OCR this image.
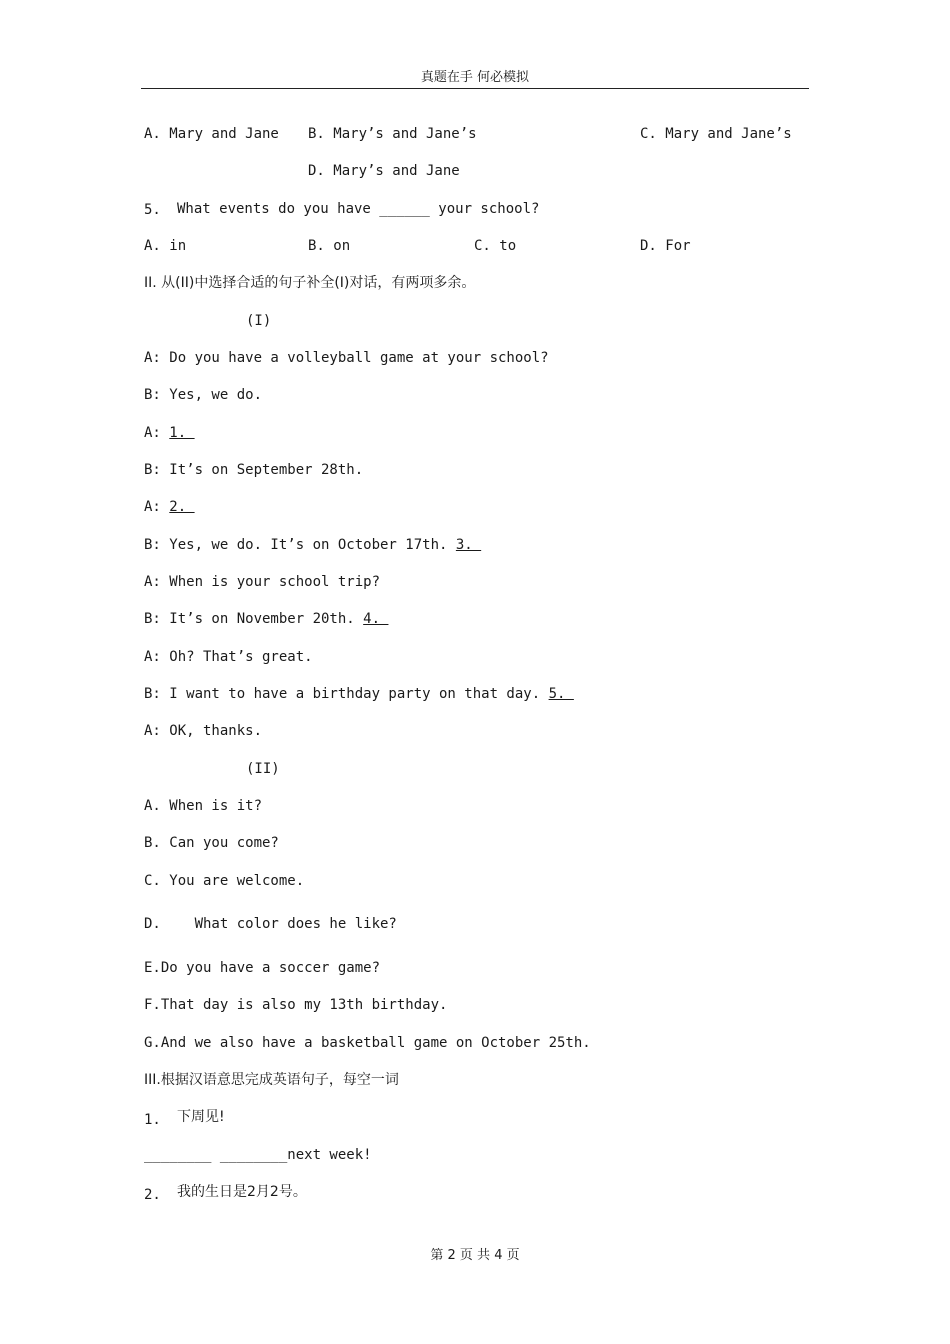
真题在手 何必模拟
A. Mary and Jane B. Mary’s and Jane’s	C. Mary and Jane’s
D. Mary’s and Jane
5. What events do you have ______ your school?
A. in	B. on	C. to	D. For
II. 从(II)中选择合适的句子补全(I)对话，有两项多余。
(I)
A: Do you have a volleyball game at your school?
B: Yes, we do.
A: 1.
B: It’s on September 28th.
A: 2.
B: Yes, we do. It’s on October 17th. 3.
A: When is your school trip?
B: It’s on November 20th. 4.
A: Oh? That’s great.
B: I want to have a birthday party on that day. 5.
A: OK, thanks.
(II)
A. When is it?
B. Can you come?
C. You are welcome.
D.    What color does he like?
E.Do you have a soccer game?
F.That day is also my 13th birthday.
G.And we also have a basketball game on October 25th.
III.根据汉语意思完成英语句子，每空一词
1. 下周见!
________ ________next week!
2. 我的生日是2月2号。
第 2 页 共 4 页
